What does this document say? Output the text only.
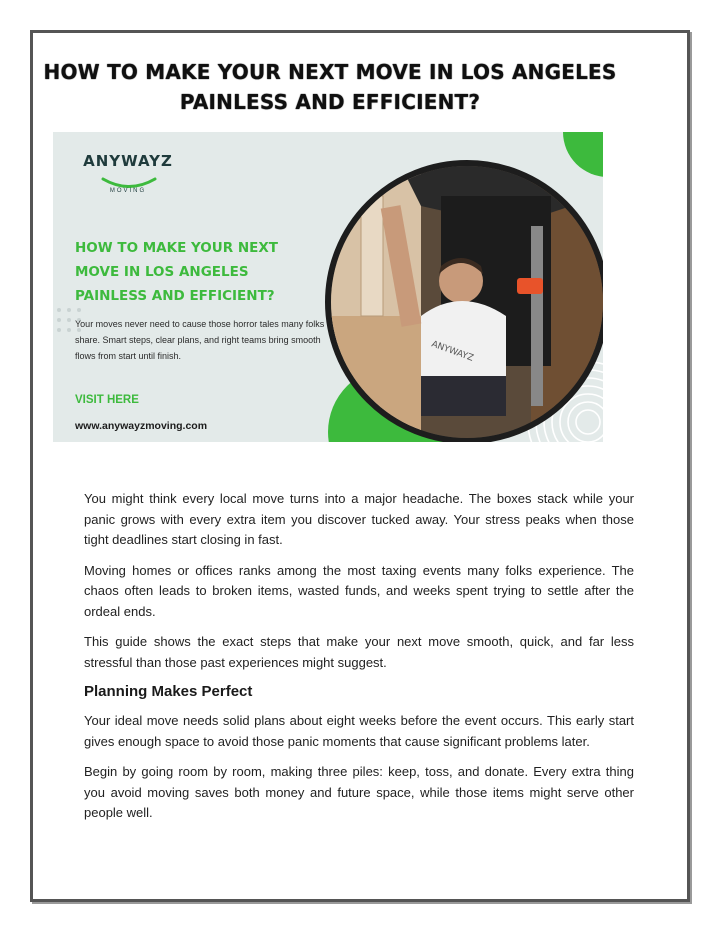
HOW TO MAKE YOUR NEXT MOVE IN LOS ANGELES PAINLESS AND EFFICIENT?
ANYWAYZ
MOVING
HOW TO MAKE YOUR NEXT MOVE IN LOS ANGELES PAINLESS AND EFFICIENT?
Your moves never need to cause those horror tales many folks share. Smart steps, clear plans, and right teams bring smooth flows from start until finish.
VISIT HERE
www.anywayzmoving.com
ANYWAYZ

You might think every local move turns into a major headache. The boxes stack while your panic grows with every extra item you discover tucked away. Your stress peaks when those tight deadlines start closing in fast.

Moving homes or offices ranks among the most taxing events many folks experience. The chaos often leads to broken items, wasted funds, and weeks spent trying to settle after the ordeal ends.

This guide shows the exact steps that make your next move smooth, quick, and far less stressful than those past experiences might suggest.

Planning Makes Perfect

Your ideal move needs solid plans about eight weeks before the event occurs. This early start gives enough space to avoid those panic moments that cause significant problems later.

Begin by going room by room, making three piles: keep, toss, and donate. Every extra thing you avoid moving saves both money and future space, while those items might serve other people well.
